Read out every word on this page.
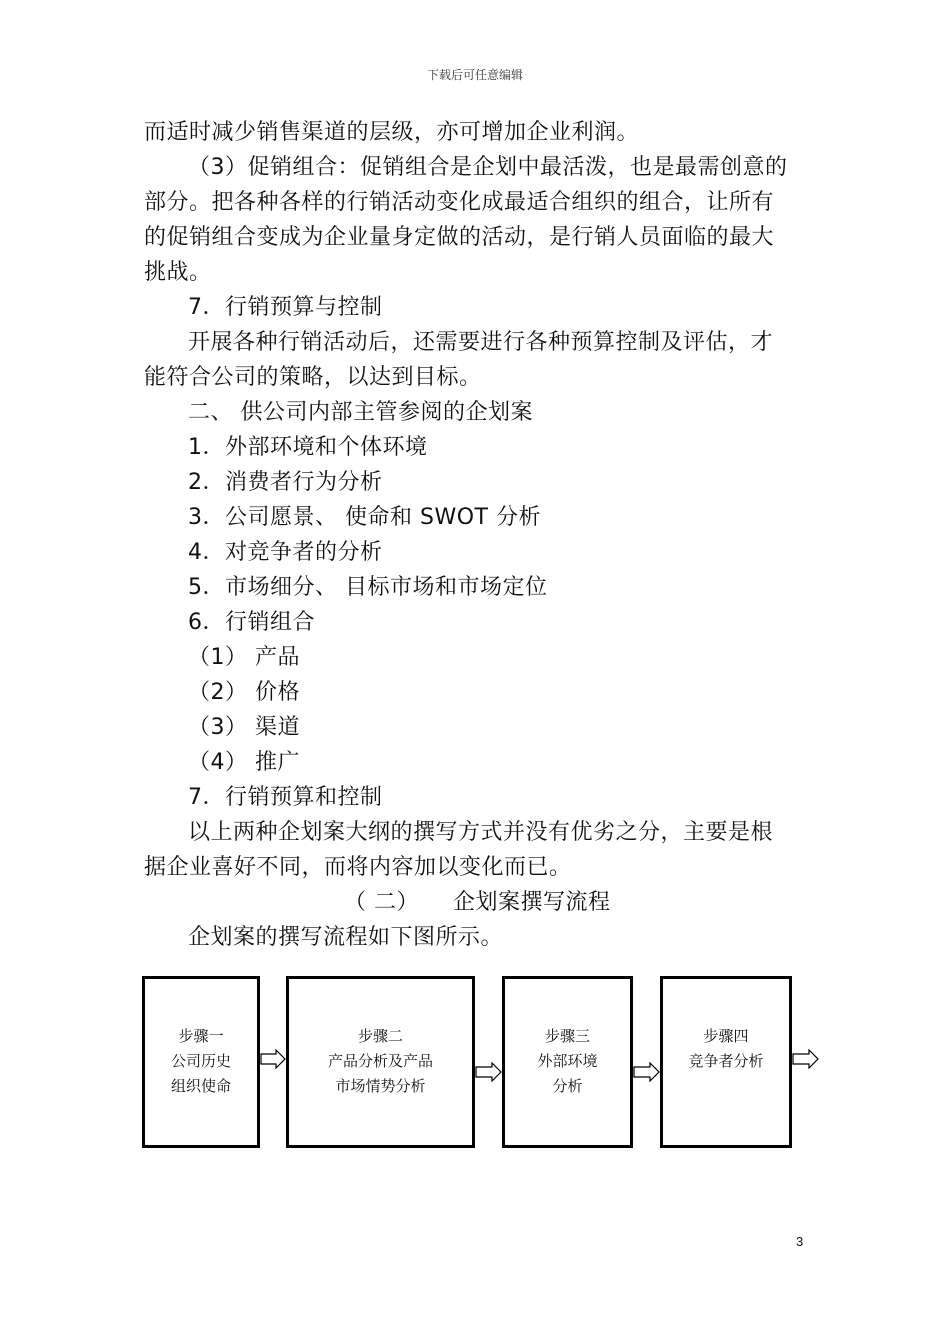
下载后可任意编辑
而适时减少销售渠道的层级，亦可增加企业利润。
（3）促销组合：促销组合是企划中最活泼，也是最需创意的
部分。把各种各样的行销活动变化成最适合组织的组合，让所有
的促销组合变成为企业量身定做的活动，是行销人员面临的最大
挑战。
7．行销预算与控制
开展各种行销活动后，还需要进行各种预算控制及评估，才
能符合公司的策略，以达到目标。
二、 供公司内部主管参阅的企划案
1．外部环境和个体环境
2．消费者行为分析
3．公司愿景、 使命和 SWOT 分析
4．对竞争者的分析
5．市场细分、 目标市场和市场定位
6．行销组合
（1） 产品
（2） 价格
（3） 渠道
（4） 推广
7．行销预算和控制
以上两种企划案大纲的撰写方式并没有优劣之分，主要是根
据企业喜好不同，而将内容加以变化而已。
（ 二）　　企划案撰写流程
企划案的撰写流程如下图所示。
步骤一
公司历史
组织使命
步骤二
产品分析及产品
市场情势分析
步骤三
外部环境
分析
步骤四
竞争者分析
3
